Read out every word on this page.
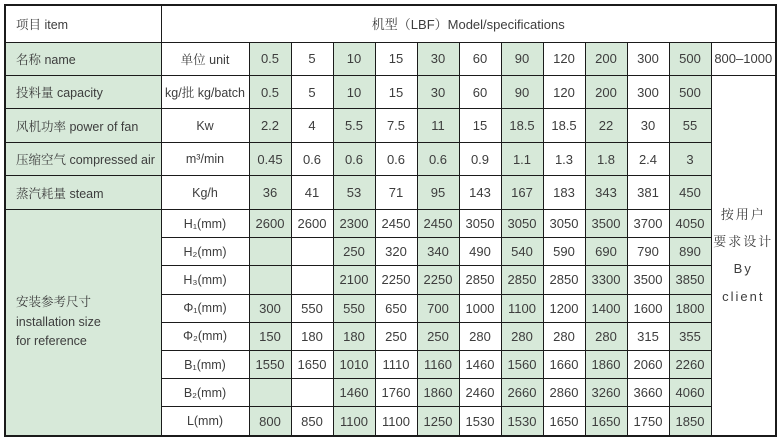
项目 item	机型（LBF）Model/specifications												
名称 name	单位 unit	0.5	5	10	15	30	60	90	120	200	300	500	800–1000
投料量 capacity	kg/批 kg/batch	0.5	5	10	15	30	60	90	120	200	300	500	按用户
要求设计
By client

风机功率 power of fan	Kw	2.2	4	5.5	7.5	11	15	18.5	18.5	22	30	55	
压缩空气 compressed air	m³/min	0.45	0.6	0.6	0.6	0.6	0.9	1.1	1.3	1.8	2.4	3	
蒸汽耗量 steam	Kg/h	36	41	53	71	95	143	167	183	343	381	450	

安装参考尺寸
installation size
for reference	H₁(mm)	2600	2600	2300	2450	2450	3050	3050	3050	3500	3700	4050	
	H₂(mm)			250	320	340	490	540	590	690	790	890	
	H₃(mm)			2100	2250	2250	2850	2850	2850	3300	3500	3850	
	Φ₁(mm)	300	550	550	650	700	1000	1100	1200	1400	1600	1800	
	Φ₂(mm)	150	180	180	250	250	280	280	280	280	315	355	
	B₁(mm)	1550	1650	1010	1110	1160	1460	1560	1660	1860	2060	2260	
	B₂(mm)			1460	1760	1860	2460	2660	2860	3260	3660	4060	
	L(mm)	800	850	1100	1100	1250	1530	1530	1650	1650	1750	1850	
